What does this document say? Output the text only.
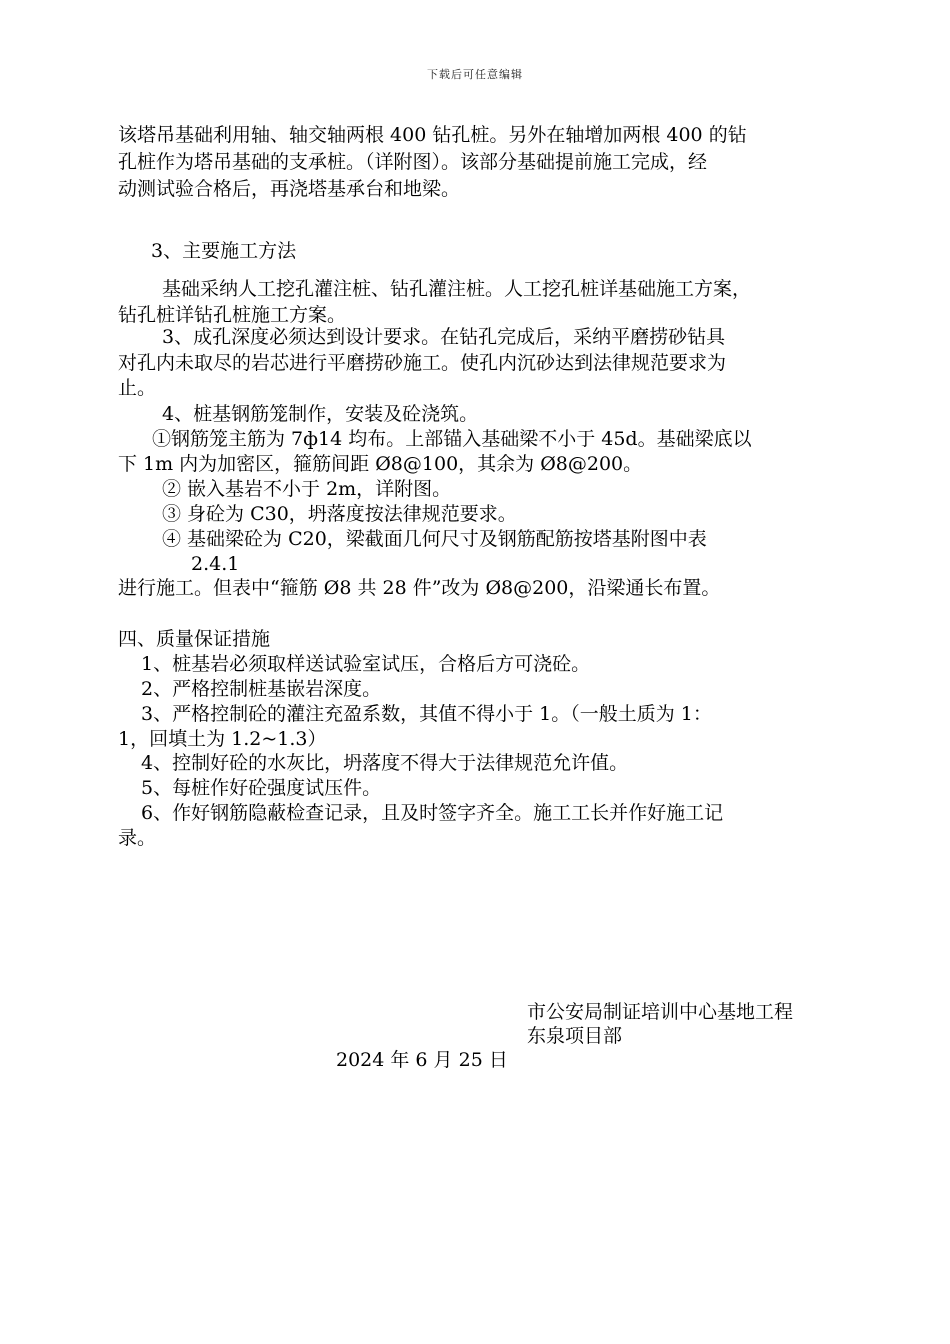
下载后可任意编辑
该塔吊基础利用轴、轴交轴两根 400 钻孔桩。另外在轴增加两根 400 的钻
孔桩作为塔吊基础的支承桩。（详附图）。该部分基础提前施工完成，经
动测试验合格后，再浇塔基承台和地梁。
3、主要施工方法
基础采纳人工挖孔灌注桩、钻孔灌注桩。人工挖孔桩详基础施工方案，
钻孔桩详钻孔桩施工方案。
3、成孔深度必须达到设计要求。在钻孔完成后，采纳平磨捞砂钻具
对孔内未取尽的岩芯进行平磨捞砂施工。使孔内沉砂达到法律规范要求为
止。
4、桩基钢筋笼制作，安装及砼浇筑。
①钢筋笼主筋为 7ф14 均布。上部锚入基础梁不小于 45d。基础梁底以
下 1m 内为加密区，箍筋间距 Ø8@100，其余为 Ø8@200。
② 嵌入基岩不小于 2m，详附图。
③ 身砼为 C30，坍落度按法律规范要求。
④ 基础梁砼为 C20，梁截面几何尺寸及钢筋配筋按塔基附图中表
2.4.1
进行施工。但表中“箍筋 Ø8 共 28 件”改为 Ø8@200，沿梁通长布置。
四、质量保证措施
1、桩基岩必须取样送试验室试压，合格后方可浇砼。
2、严格控制桩基嵌岩深度。
3、严格控制砼的灌注充盈系数，其值不得小于 1。（一般土质为 1：
1，回填土为 1.2~1.3）
4、控制好砼的水灰比，坍落度不得大于法律规范允许值。
5、每桩作好砼强度试压件。
6、作好钢筋隐蔽检查记录，且及时签字齐全。施工工长并作好施工记
录。
市公安局制证培训中心基地工程
东泉项目部
2024 年 6 月 25 日
